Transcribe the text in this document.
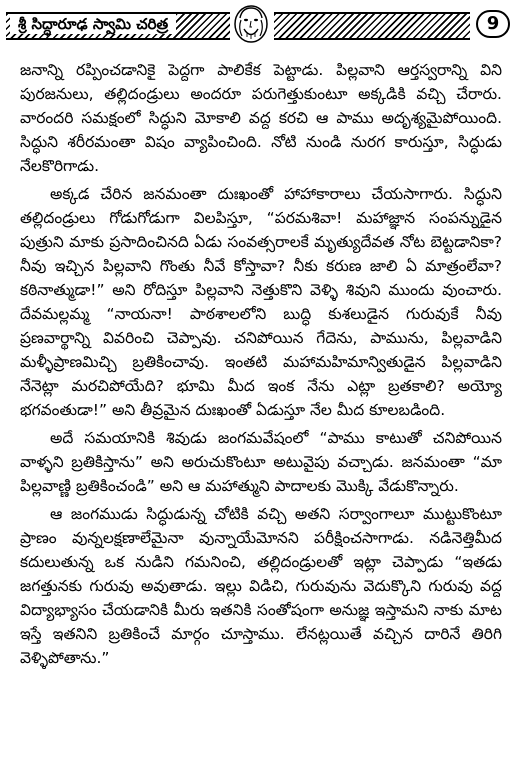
శ్రీ సిద్ధారూఢ స్వామి చరిత్ర	9

జనాన్ని రప్పించడానికై పెద్దగా పాలికేక పెట్టాడు. పిల్లవాని ఆర్తస్వరాన్ని విని పురజనులు, తల్లిదండ్రులు అందరూ పరుగెత్తుకుంటూ అక్కడికి వచ్చి చేరారు. వారందరి సమక్షంలో సిద్ధుని మోకాలి వద్ద కరచి ఆ పాము అదృశ్యమైపోయింది. సిద్ధుని శరీరమంతా విషం వ్యాపించింది. నోటి నుండి నురగ కారుస్తూ, సిద్ధుడు నేలకొరిగాడు.

అక్కడ చేరిన జనమంతా దుఃఖంతో హాహాకారాలు చేయసాగారు. సిద్ధుని తల్లిదండ్రులు గోడుగోడుగా విలపిస్తూ, “పరమశివా! మహాజ్ఞాన సంపన్నుడైన పుత్రుని మాకు ప్రసాదించినది ఏడు సంవత్సరాలకే మృత్యుదేవత నోట బెట్టడానికా? నీవు ఇచ్చిన పిల్లవాని గొంతు నీవే కోస్తావా? నీకు కరుణ జాలి ఏ మాత్రంలేవా? కఠినాత్ముడా!” అని రోదిస్తూ పిల్లవాని నెత్తుకొని వెళ్ళి శివుని ముందు వుంచారు. దేవమల్లమ్మ “నాయనా! పాఠశాలలోని బుద్ధి కుశలుడైన గురువుకే నీవు ప్రణవార్థాన్ని వివరించి చెప్పావు. చనిపోయిన గేదెను, పామును, పిల్లవాడిని మళ్ళీప్రాణమిచ్చి బ్రతికించావు. ఇంతటి మహామహిమాన్వితుడైన పిల్లవాడిని నేనెట్లా మరచిపోయేది? భూమి మీద ఇంక నేను ఎట్లా బ్రతకాలి? అయ్యో భగవంతుడా!” అని తీవ్రమైన దుఃఖంతో ఏడుస్తూ నేల మీద కూలబడింది.

అదే సమయానికి శివుడు జంగమవేషంలో “పాము కాటుతో చనిపోయిన వాళ్ళని బ్రతికిస్తాను” అని అరుచుకొంటూ అటువైపు వచ్చాడు. జనమంతా “మా పిల్లవాణ్ణి బ్రతికించండి” అని ఆ మహాత్ముని పాదాలకు మొక్కి వేడుకొన్నారు.

ఆ జంగముడు సిద్ధుడున్న చోటికి వచ్చి అతని సర్వాంగాలూ ముట్టుకొంటూ ప్రాణం వున్నలక్షణాలేమైనా వున్నాయేమోనని పరీక్షించసాగాడు. నడినెత్తిమీద కదులుతున్న ఒక నుడిని గమనించి, తల్లిదండ్రులతో ఇట్లా చెప్పాడు “ఇతడు జగత్తునకు గురువు అవుతాడు. ఇల్లు విడిచి, గురువును వెదుక్కొని గురువు వద్ద విద్యాభ్యాసం చేయడానికి మీరు ఇతనికి సంతోషంగా అనుజ్ఞ ఇస్తామని నాకు మాట ఇస్తే ఇతనిని బ్రతికించే మార్గం చూస్తాము. లేనట్లయితే వచ్చిన దారినే తిరిగి వెళ్ళిపోతాను.”
